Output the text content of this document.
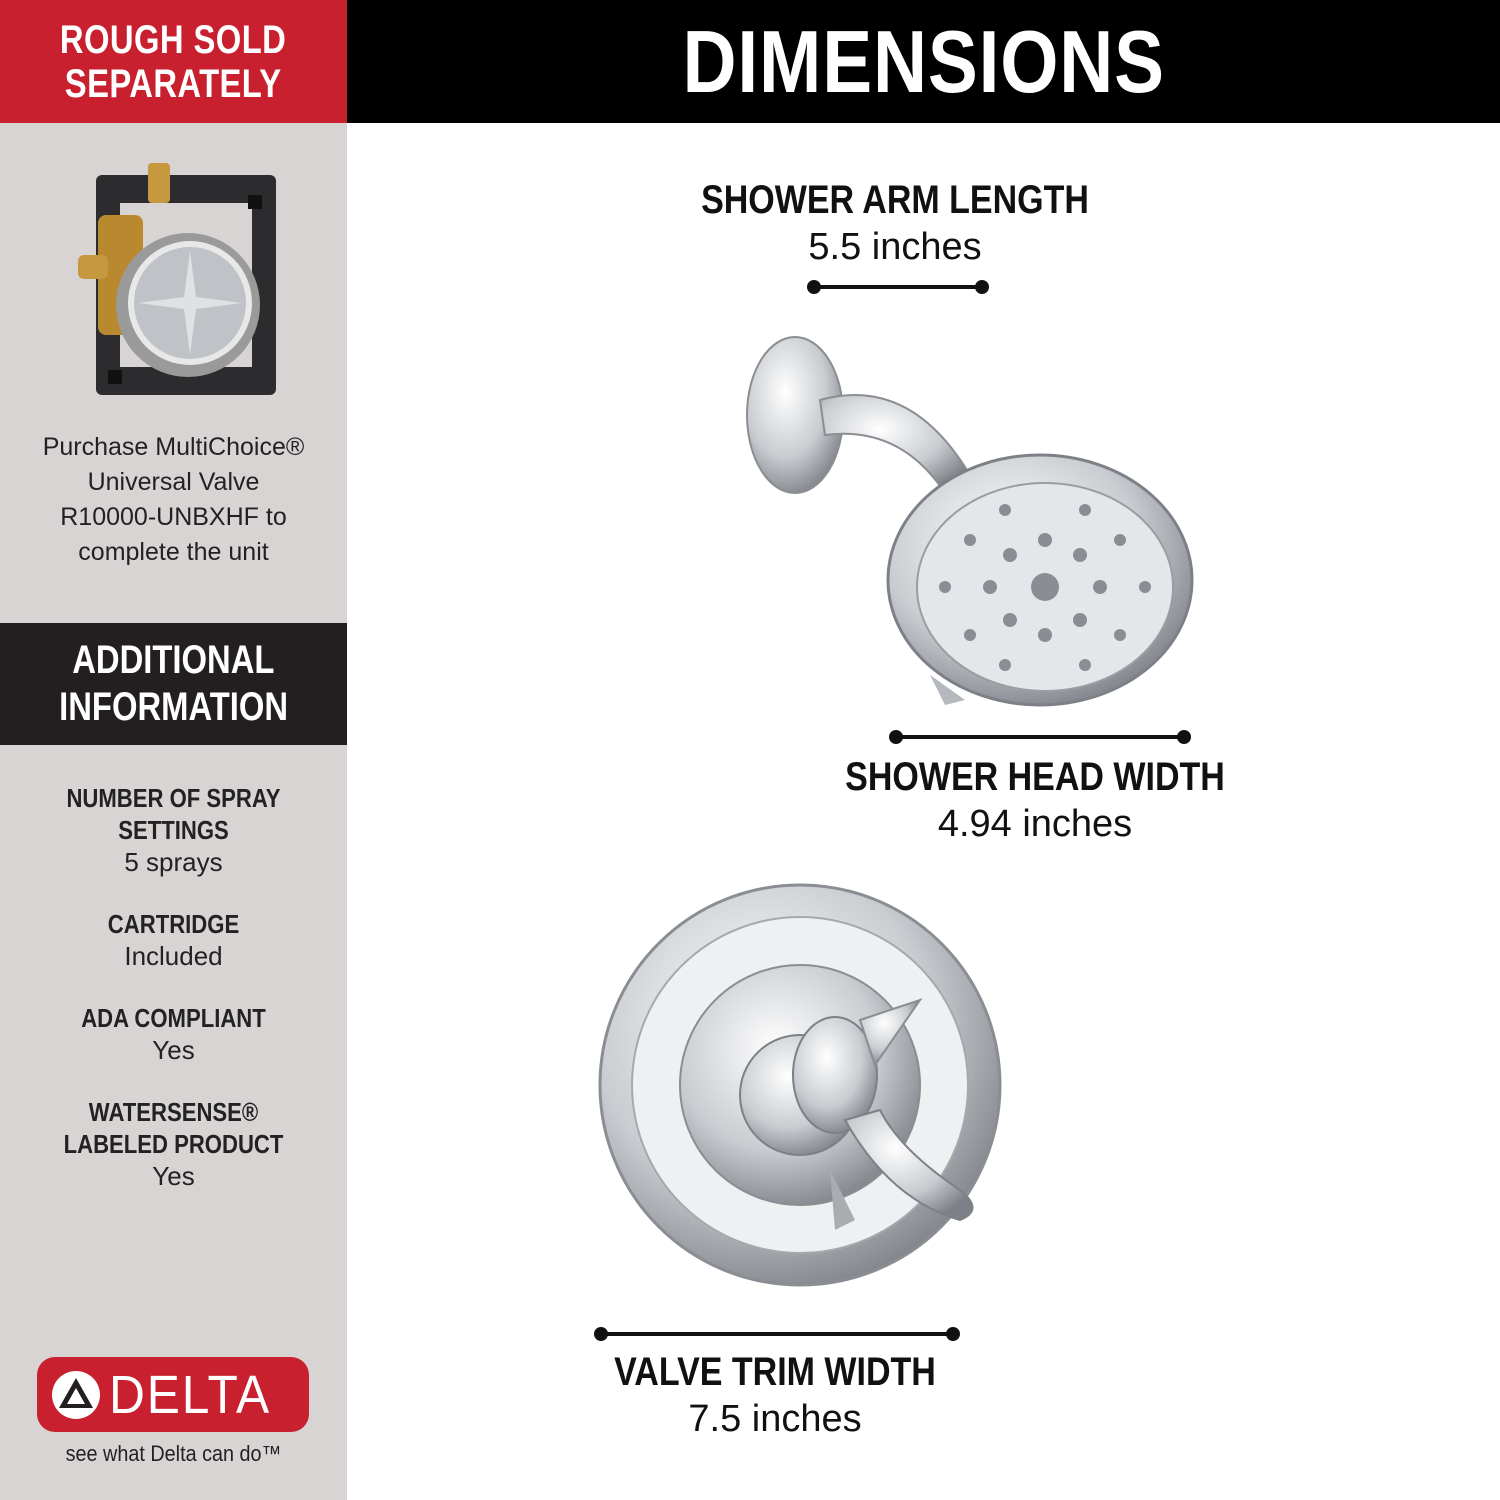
ROUGH SOLD
SEPARATELY
Purchase MultiChoice®
Universal Valve
R10000-UNBXHF to
complete the unit
ADDITIONAL
INFORMATION
NUMBER OF SPRAY
SETTINGS
5 sprays
CARTRIDGE
Included
ADA COMPLIANT
Yes
WATERSENSE®
LABELED PRODUCT
Yes
DELTA
see what Delta can do™
DIMENSIONS
SHOWER ARM LENGTH
5.5 inches
SHOWER HEAD WIDTH
4.94 inches
VALVE TRIM WIDTH
7.5 inches
